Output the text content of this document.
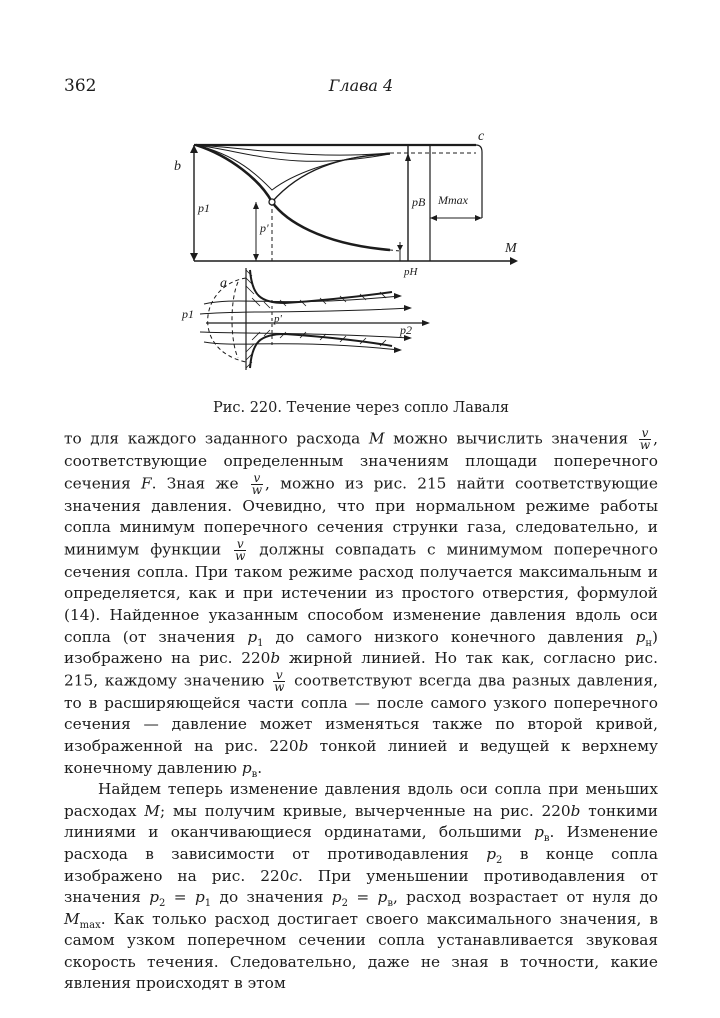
362	Глава 4
b
c
p1
p'
pB
pH
Mmax
M
a
p1	p'
p2
Рис. 220. Течение через сопло Лаваля

то для каждого заданного расхода M можно вычислить значения $\frac{v}{w}$ , соответствующие определенным значениям площади поперечного сечения F. Зная же $\frac{v}{w}$ , можно из рис. 215 найти соответствующие значения давления. Очевидно, что при нормальном режиме работы сопла минимум поперечного сечения струнки газа, следовательно, и минимум функции $\frac{v}{w}$ должны совпадать с минимумом поперечного сечения сопла. При таком режиме расход получается максимальным и определяется, как и при истечении из простого отверстия, формулой (14). Найденное указанным способом изменение давления вдоль оси сопла (от значения $p_1$ до самого низкого конечного давления $p_н$) изображено на рис. 220b жирной линией. Но так как, согласно рис. 215, каждому значению $\frac{v}{w}$ соответствуют всегда два разных давления, то в расширяющейся части сопла — после самого узкого поперечного сечения — давление может изменяться также по второй кривой, изображенной на рис. 220b тонкой линией и ведущей к верхнему конечному давлению $p_в$.

Найдем теперь изменение давления вдоль оси сопла при меньших расходах M; мы получим кривые, вычерченные на рис. 220b тонкими линиями и оканчивающиеся ординатами, большими $p_в$. Изменение расхода в зависимости от противодавления $p_2$ в конце сопла изображено на рис. 220c. При уменьшении противодавления от значения $p_2 = p_1$ до значения $p_2 = p_в$, расход возрастает от нуля до $M_{max}$. Как только расход достигает своего максимального значения, в самом узком поперечном сечении сопла устанавливается звуковая скорость течения. Следовательно, даже не зная в точности, какие явления происходят в этом
